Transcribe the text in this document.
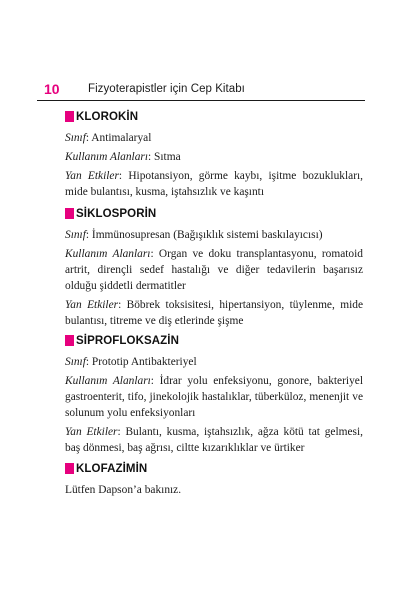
10 Fizyoterapistler için Cep Kitabı
KLOROKİN

Sınıf: Antimalaryal

Kullanım Alanları: Sıtma

Yan Etkiler: Hipotansiyon, görme kaybı, işitme bozuklukları, mide bulantısı, kusma, iştahsızlık ve kaşıntı

SİKLOSPORİN

Sınıf: İmmünosupresan (Bağışıklık sistemi baskılayıcısı)

Kullanım Alanları: Organ ve doku transplantasyonu, romatoid artrit, dirençli sedef hastalığı ve diğer tedavilerin başarısız olduğu şiddetli dermatitler

Yan Etkiler: Böbrek toksisitesi, hipertansiyon, tüylenme, mide bulantısı, titreme ve diş etlerinde şişme

SİPROFLOKSAZİN

Sınıf: Prototip Antibakteriyel

Kullanım Alanları: İdrar yolu enfeksiyonu, gonore, bakteriyel gastroenterit, tifo, jinekolojik hastalıklar, tüberküloz, menenjit ve solunum yolu enfeksiyonları

Yan Etkiler: Bulantı, kusma, iştahsızlık, ağza kötü tat gelmesi, baş dönmesi, baş ağrısı, ciltte kızarıklıklar ve ürtiker

KLOFAZİMİN

Lütfen Dapson’a bakınız.
